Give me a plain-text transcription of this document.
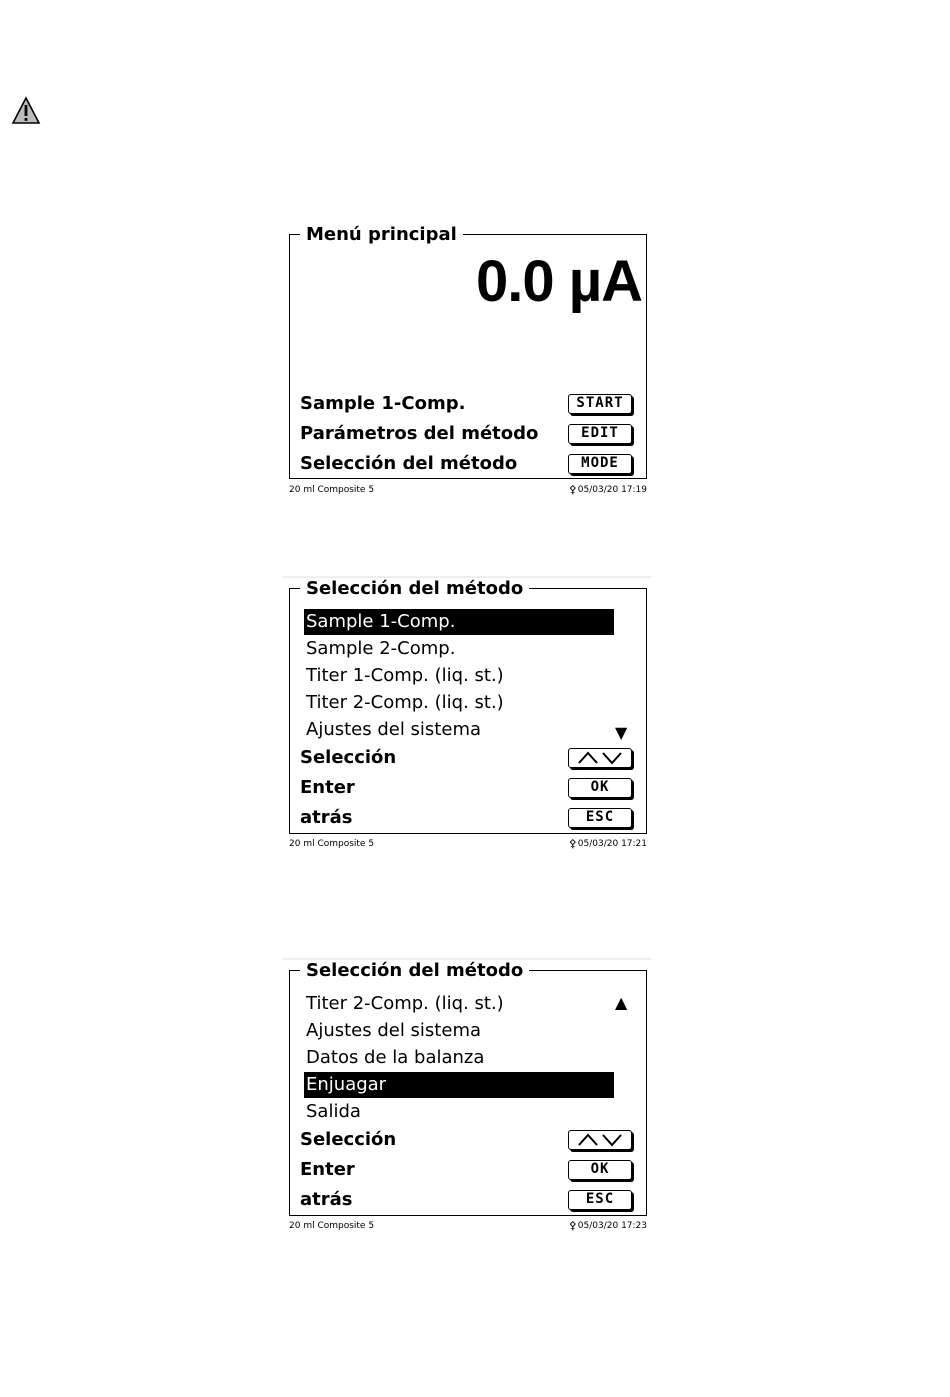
Menú principal
0.0 µA
Sample 1-Comp.	START
Parámetros del método	EDIT
Selección del método	MODE
20 ml Composite 5	⚴05/03/20 17:19
Selección del método
Sample 1-Comp.
Sample 2-Comp.
Titer 1-Comp. (liq. st.)
Titer 2-Comp. (liq. st.)
Ajustes del sistema	▼
Selección
Enter	OK
atrás	ESC
20 ml Composite 5	⚴05/03/20 17:21
Selección del método
Titer 2-Comp. (liq. st.)	▲
Ajustes del sistema
Datos de la balanza
Enjuagar
Salida
Selección
Enter	OK
atrás	ESC
20 ml Composite 5	⚴05/03/20 17:23
